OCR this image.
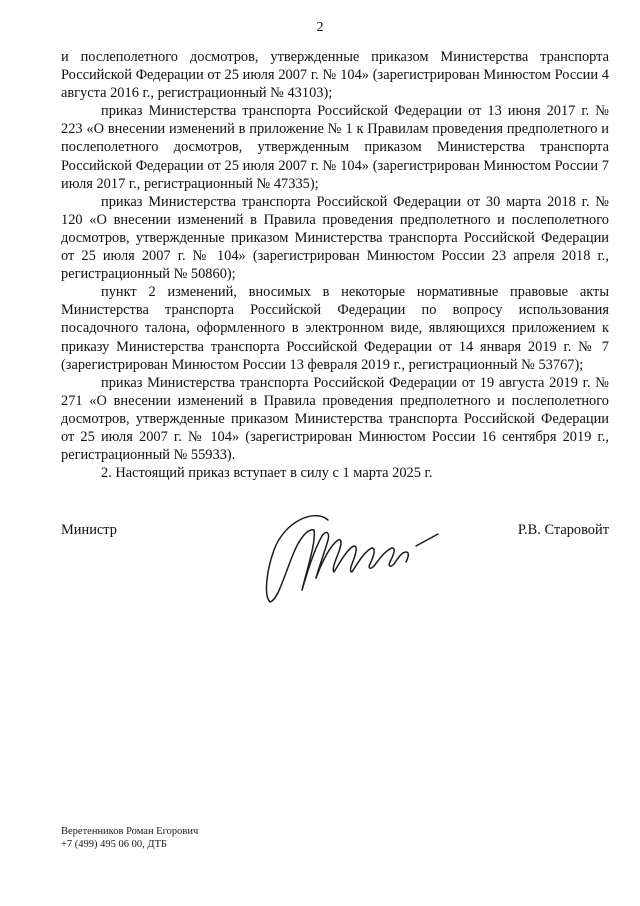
2

и послеполетного досмотров, утвержденные приказом Министерства транспорта Российской Федерации от 25 июля 2007 г. № 104» (зарегистрирован Минюстом России 4 августа 2016 г., регистрационный № 43103);

приказ Министерства транспорта Российской Федерации от 13 июня 2017 г. № 223 «О внесении изменений в приложение № 1 к Правилам проведения предполетного и послеполетного досмотров, утвержденным приказом Министерства транспорта Российской Федерации от 25 июля 2007 г. № 104» (зарегистрирован Минюстом России 7 июля 2017 г., регистрационный № 47335);

приказ Министерства транспорта Российской Федерации от 30 марта 2018 г. № 120 «О внесении изменений в Правила проведения предполетного и послеполетного досмотров, утвержденные приказом Министерства транспорта Российской Федерации от 25 июля 2007 г. № 104» (зарегистрирован Минюстом России 23 апреля 2018 г., регистрационный № 50860);

пункт 2 изменений, вносимых в некоторые нормативные правовые акты Министерства транспорта Российской Федерации по вопросу использования посадочного талона, оформленного в электронном виде, являющихся приложением к приказу Министерства транспорта Российской Федерации от 14 января 2019 г. № 7 (зарегистрирован Минюстом России 13 февраля 2019 г., регистрационный № 53767);

приказ Министерства транспорта Российской Федерации от 19 августа 2019 г. № 271 «О внесении изменений в Правила проведения предполетного и послеполетного досмотров, утвержденные приказом Министерства транспорта Российской Федерации от 25 июля 2007 г. № 104» (зарегистрирован Минюстом России 16 сентября 2019 г., регистрационный № 55933).

2. Настоящий приказ вступает в силу с 1 марта 2025 г.

Министр	Р.В. Старовойт
Веретенников Роман Егорович
+7 (499) 495 06 00, ДТБ
